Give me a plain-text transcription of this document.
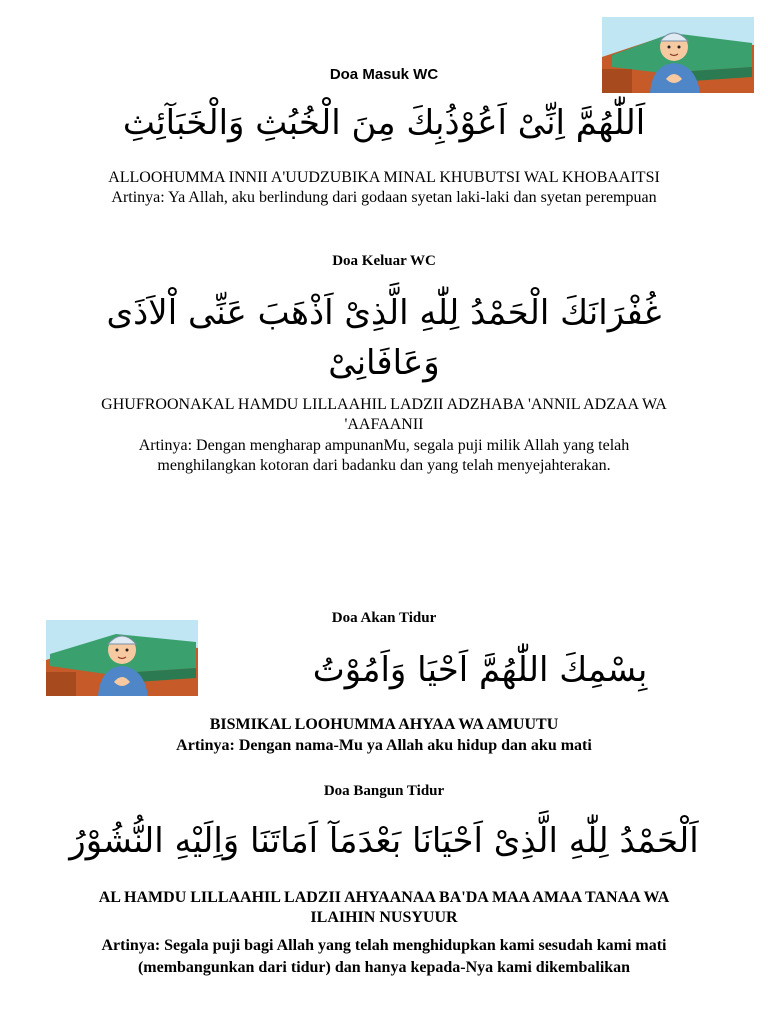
Doa Masuk WC
اَللّٰهُمَّ اِنِّىْ اَعُوْذُبِكَ مِنَ الْخُبُثِ وَالْخَبَآئِثِ
ALLOOHUMMA INNII A'UUDZUBIKA MINAL KHUBUTSI WAL KHOBAAITSI
Artinya: Ya Allah, aku berlindung dari godaan syetan laki-laki dan syetan perempuan
Doa Keluar WC
غُفْرَانَكَ الْحَمْدُ لِلّٰهِ الَّذِىْ اَذْهَبَ عَنِّى اْلاَذَى وَعَافَانِىْ
GHUFROONAKAL HAMDU LILLAAHIL LADZII ADZHABA 'ANNIL ADZAA WA 'AAFAANII
Artinya: Dengan mengharap ampunanMu, segala puji milik Allah yang telah menghilangkan kotoran dari badanku dan yang telah menyejahterakan.
Doa Akan Tidur
بِسْمِكَ اللّٰهُمَّ اَحْيَا وَاَمُوْتُ
BISMIKAL LOOHUMMA AHYAA WA AMUUTU
Artinya: Dengan nama-Mu ya Allah aku hidup dan aku mati
Doa Bangun Tidur
اَلْحَمْدُ لِلّٰهِ الَّذِىْ اَحْيَانَا بَعْدَمَآ اَمَاتَنَا وَاِلَيْهِ النُّشُوْرُ
AL HAMDU LILLAAHIL LADZII AHYAANAA BA'DA MAA AMAA TANAA WA ILAIHIN NUSYUUR
Artinya: Segala puji bagi Allah yang telah menghidupkan kami sesudah kami mati (membangunkan dari tidur) dan hanya kepada-Nya kami dikembalikan
